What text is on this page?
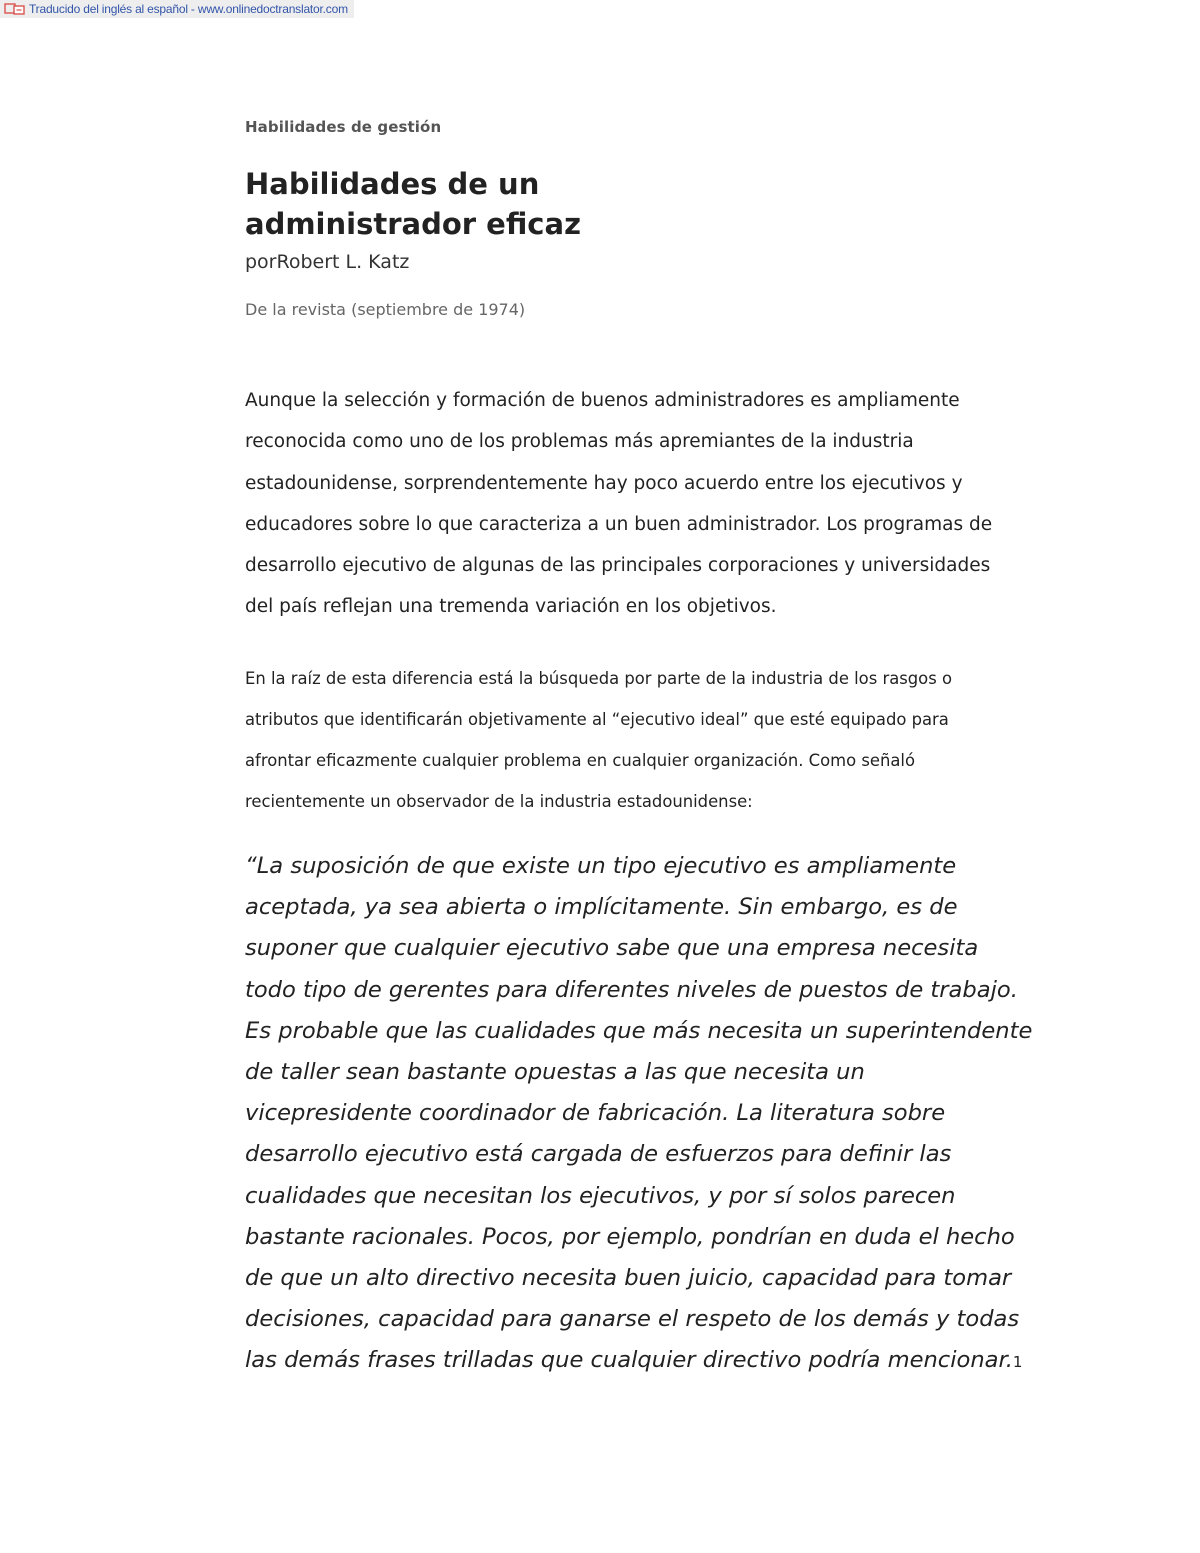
Traducido del inglés al español - www.onlinedoctranslator.com
Habilidades de gestión
Habilidades de un administrador eficaz
porRobert L. Katz
De la revista (septiembre de 1974)

Aunque la selección y formación de buenos administradores es ampliamente reconocida como uno de los problemas más apremiantes de la industria estadounidense, sorprendentemente hay poco acuerdo entre los ejecutivos y educadores sobre lo que caracteriza a un buen administrador. Los programas de desarrollo ejecutivo de algunas de las principales corporaciones y universidades del país reflejan una tremenda variación en los objetivos.

En la raíz de esta diferencia está la búsqueda por parte de la industria de los rasgos o atributos que identificarán objetivamente al “ejecutivo ideal” que esté equipado para afrontar eficazmente cualquier problema en cualquier organización. Como señaló recientemente un observador de la industria estadounidense:

“La suposición de que existe un tipo ejecutivo es ampliamente aceptada, ya sea abierta o implícitamente. Sin embargo, es de suponer que cualquier ejecutivo sabe que una empresa necesita todo tipo de gerentes para diferentes niveles de puestos de trabajo. Es probable que las cualidades que más necesita un superintendente de taller sean bastante opuestas a las que necesita un vicepresidente coordinador de fabricación. La literatura sobre desarrollo ejecutivo está cargada de esfuerzos para definir las cualidades que necesitan los ejecutivos, y por sí solos parecen bastante racionales. Pocos, por ejemplo, pondrían en duda el hecho de que un alto directivo necesita buen juicio, capacidad para tomar decisiones, capacidad para ganarse el respeto de los demás y todas las demás frases trilladas que cualquier directivo podría mencionar.1
